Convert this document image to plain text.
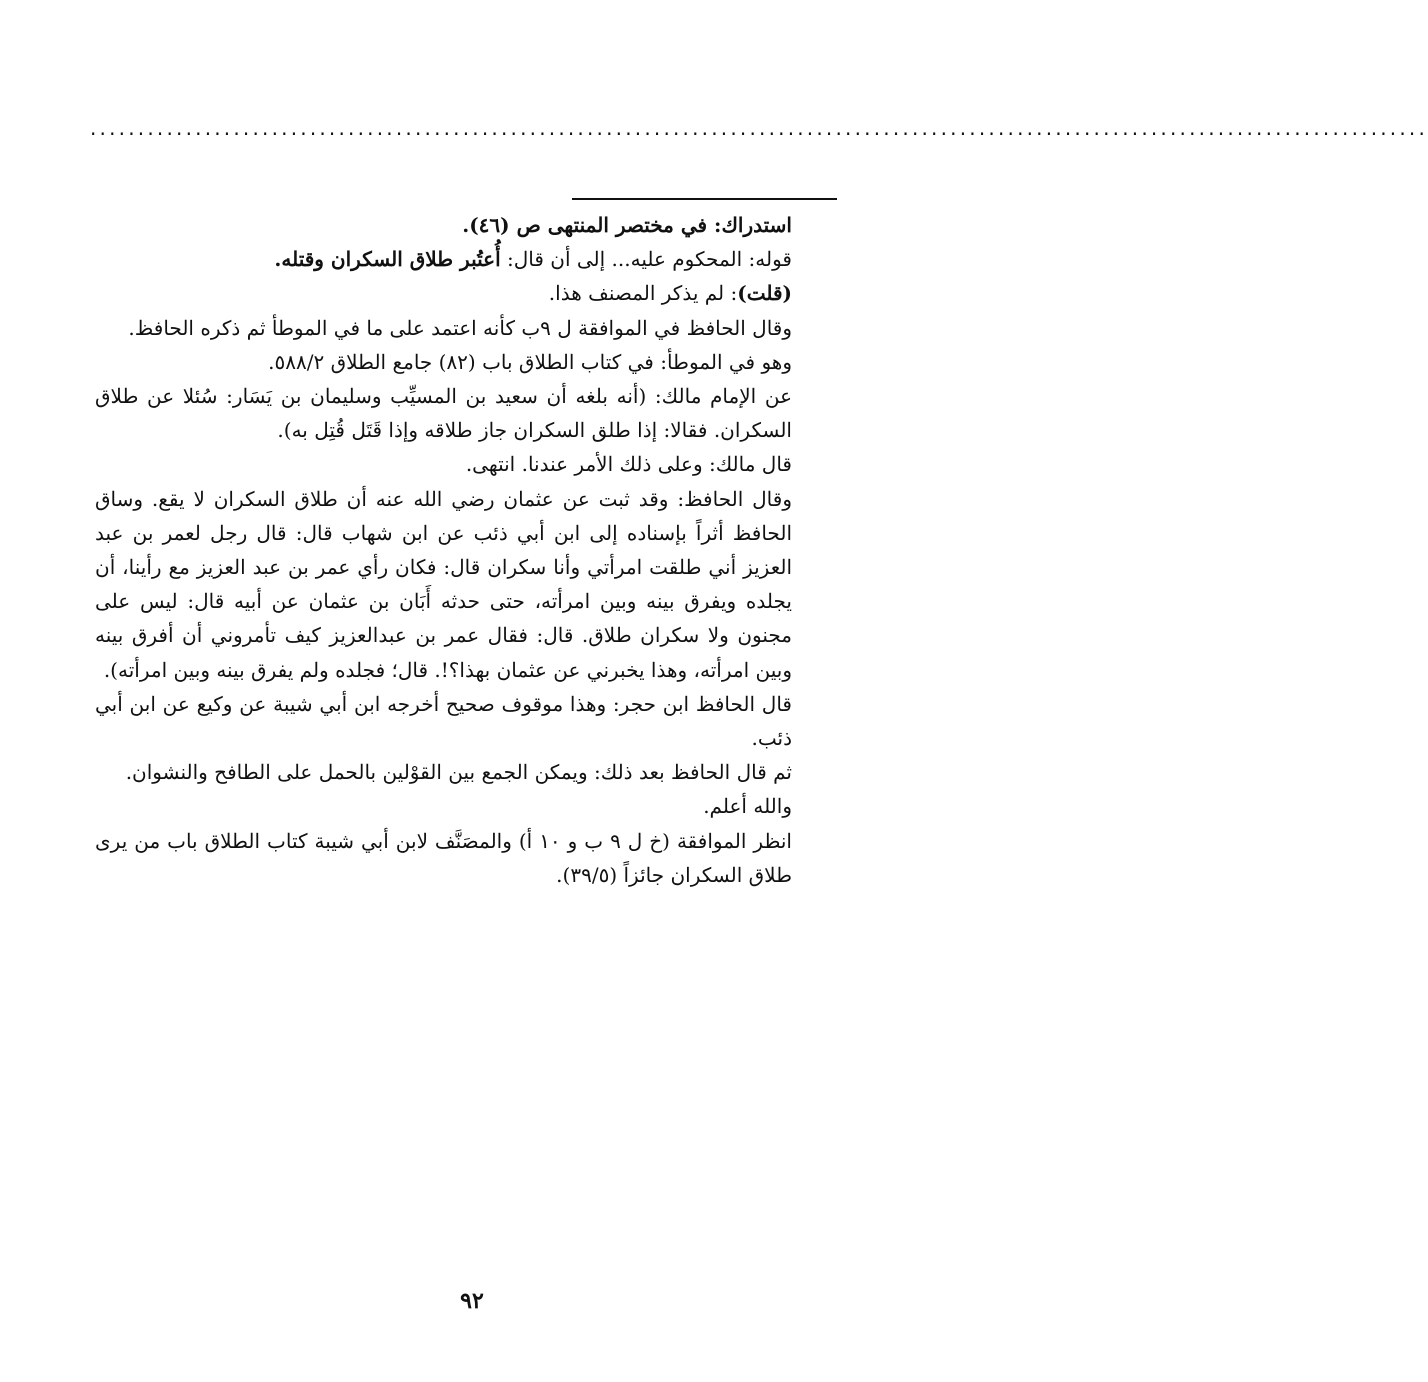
............................................................................................................................................

استدراك: في مختصر المنتهى ص (٤٦).

قوله: المحكوم عليه... إلى أن قال: أُعتُبر طلاق السكران وقتله.

(قلت): لم يذكر المصنف هذا.

وقال الحافظ في الموافقة ل ٩ب كأنه اعتمد على ما في الموطأ ثم ذكره الحافظ.

وهو في الموطأ: في كتاب الطلاق باب (٨٢) جامع الطلاق ٥٨٨/٢.

عن الإمام مالك: (أنه بلغه أن سعيد بن المسيِّب وسليمان بن يَسَار: سُئلا عن طلاق السكران. فقالا: إذا طلق السكران جاز طلاقه وإذا قَتَل قُتِل به).

قال مالك: وعلى ذلك الأمر عندنا. انتهى.

وقال الحافظ: وقد ثبت عن عثمان رضي الله عنه أن طلاق السكران لا يقع. وساق الحافظ أثراً بإسناده إلى ابن أبي ذئب عن ابن شهاب قال: قال رجل لعمر بن عبد العزيز أني طلقت امرأتي وأنا سكران قال: فكان رأي عمر بن عبد العزيز مع رأينا، أن يجلده ويفرق بينه وبين امرأته، حتى حدثه أَبَان بن عثمان عن أبيه قال: ليس على مجنون ولا سكران طلاق. قال: فقال عمر بن عبدالعزيز كيف تأمروني أن أفرق بينه وبين امرأته، وهذا يخبرني عن عثمان بهذا؟!. قال؛ فجلده ولم يفرق بينه وبين امرأته).

قال الحافظ ابن حجر: وهذا موقوف صحيح أخرجه ابن أبي شيبة عن وكيع عن ابن أبي ذئب.

ثم قال الحافظ بعد ذلك: ويمكن الجمع بين القوْلين بالحمل على الطافح والنشوان.

والله أعلم.

انظر الموافقة (خ ل ٩ ب و ١٠ أ) والمصَنَّف لابن أبي شيبة كتاب الطلاق باب من يرى طلاق السكران جائزاً (٣٩/٥).

٩٢
